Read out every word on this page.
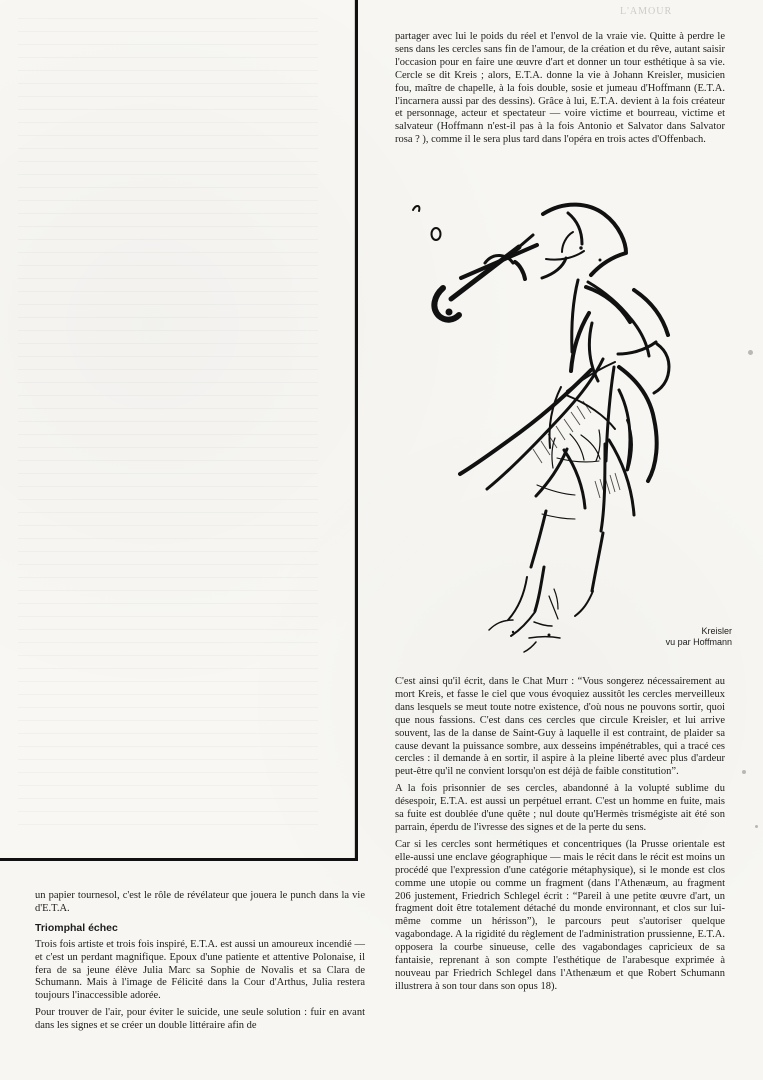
L'AMOUR

partager avec lui le poids du réel et l'envol de la vraie vie. Quitte à perdre le sens dans les cercles sans fin de l'amour, de la création et du rêve, autant saisir l'occasion pour en faire une œuvre d'art et donner un tour esthétique à sa vie. Cercle se dit Kreis ; alors, E.T.A. donne la vie à Johann Kreisler, musicien fou, maître de chapelle, à la fois double, sosie et jumeau d'Hoffmann (E.T.A. l'incarnera aussi par des dessins). Grâce à lui, E.T.A. devient à la fois créateur et personnage, acteur et spectateur — voire victime et bourreau, victime et salvateur (Hoffmann n'est-il pas à la fois Antonio et Salvator dans Salvator rosa ? ), comme il le sera plus tard dans l'opéra en trois actes d'Offenbach.

Kreisler
vu par Hoffmann

C'est ainsi qu'il écrit, dans le Chat Murr : “Vous songerez nécessairement au mort Kreis, et fasse le ciel que vous évoquiez aussitôt les cercles merveilleux dans lesquels se meut toute notre existence, d'où nous ne pouvons sortir, quoi que nous fassions. C'est dans ces cercles que circule Kreisler, et lui arrive souvent, las de la danse de Saint-Guy à laquelle il est contraint, de plaider sa cause devant la puissance sombre, aux desseins impénétrables, qui a tracé ces cercles : il demande à en sortir, il aspire à la pleine liberté avec plus d'ardeur peut-être qu'il ne convient lorsqu'on est déjà de faible constitution”.

A la fois prisonnier de ses cercles, abandonné à la volupté sublime du désespoir, E.T.A. est aussi un perpétuel errant. C'est un homme en fuite, mais sa fuite est doublée d'une quête ; nul doute qu'Hermès trismégiste ait été son parrain, éperdu de l'ivresse des signes et de la perte du sens.

Car si les cercles sont hermétiques et concentriques (la Prusse orientale est elle-aussi une enclave géographique — mais le récit dans le récit est moins un procédé que l'expression d'une catégorie métaphysique), si le monde est clos comme une utopie ou comme un fragment (dans l'Athenæum, au fragment 206 justement, Friedrich Schlegel écrit : “Pareil à une petite œuvre d'art, un fragment doit être totalement détaché du monde environnant, et clos sur lui-même comme un hérisson”), le parcours peut s'autoriser quelque vagabondage. A la rigidité du règlement de l'administration prussienne, E.T.A. opposera la courbe sinueuse, celle des vagabondages capricieux de sa fantaisie, reprenant à son compte l'esthétique de l'arabesque exprimée à nouveau par Friedrich Schlegel dans l'Athenæum et que Robert Schumann illustrera à son tour dans son opus 18).

un papier tournesol, c'est le rôle de révélateur que jouera le punch dans la vie d'E.T.A.

Triomphal échec

Trois fois artiste et trois fois inspiré, E.T.A. est aussi un amoureux incendié — et c'est un perdant magnifique. Epoux d'une patiente et attentive Polonaise, il fera de sa jeune élève Julia Marc sa Sophie de Novalis et sa Clara de Schumann. Mais à l'image de Félicité dans la Cour d'Arthus, Julia restera toujours l'inaccessible adorée.

Pour trouver de l'air, pour éviter le suicide, une seule solution : fuir en avant dans les signes et se créer un double littéraire afin de
